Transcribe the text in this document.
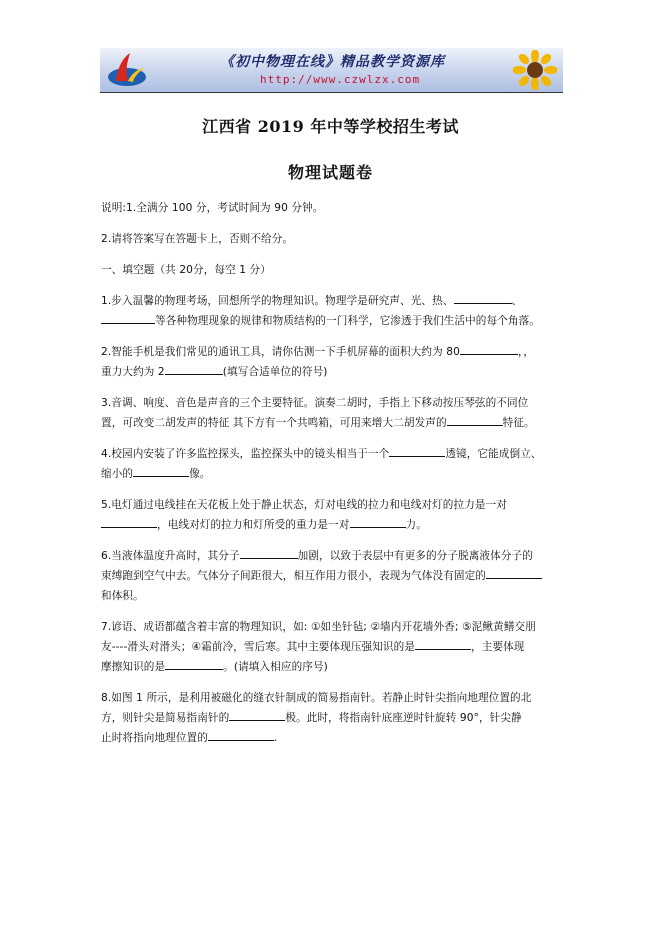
《初中物理在线》精品教学资源库
http://www.czwlzx.com
江西省 2019 年中等学校招生考试
物理试题卷
说明:1.全满分 100 分，考试时间为 90 分钟。
2.请将答案写在答题卡上，否则不给分。
一、填空题（共 20分，每空 1 分）
1.步入温馨的物理考场，回想所学的物理知识。物理学是研究声、光、热、	、
等各种物理现象的规律和物质结构的一门科学，它渗透于我们生活中的每个角落。
2.智能手机是我们常见的通讯工具，请你估测一下手机屏幕的面积大约为 80	，，
重力大约为 2	(填写合适单位的符号)
3.音调、响度、音色是声音的三个主要特征。演奏二胡时，手指上下移动按压琴弦的不同位
置，可改变二胡发声的特征 其下方有一个共鸣箱，可用来增大二胡发声的	特征。
4.校园内安装了许多监控探头，监控探头中的镜头相当于一个	透镜，它能成倒立、
缩小的	像。
5.电灯通过电线挂在天花板上处于静止状态，灯对电线的拉力和电线对灯的拉力是一对
，电线对灯的拉力和灯所受的重力是一对	力。
6.当液体温度升高时，其分子	加剧，以致于表层中有更多的分子脱离液体分子的
束缚跑到空气中去。气体分子间距很大，相互作用力很小，表现为气体没有固定的
和体积。
7.谚语、成语都蕴含着丰富的物理知识，如: ①如坐针毡; ②墙内开花墙外香; ⑤泥鳅黄鳝交朋
友----滑头对滑头；④霜前冷，雪后寒。其中主要体现压强知识的是	，主要体现
摩擦知识的是	。(请填入相应的序号)
8.如图 1 所示，是利用被磁化的缝衣针制成的简易指南针。若静止时针尖指向地理位置的北
方，则针尖是简易指南针的	极。此时，将指南针底座逆时针旋转 90°，针尖静
止时将指向地理位置的	.
